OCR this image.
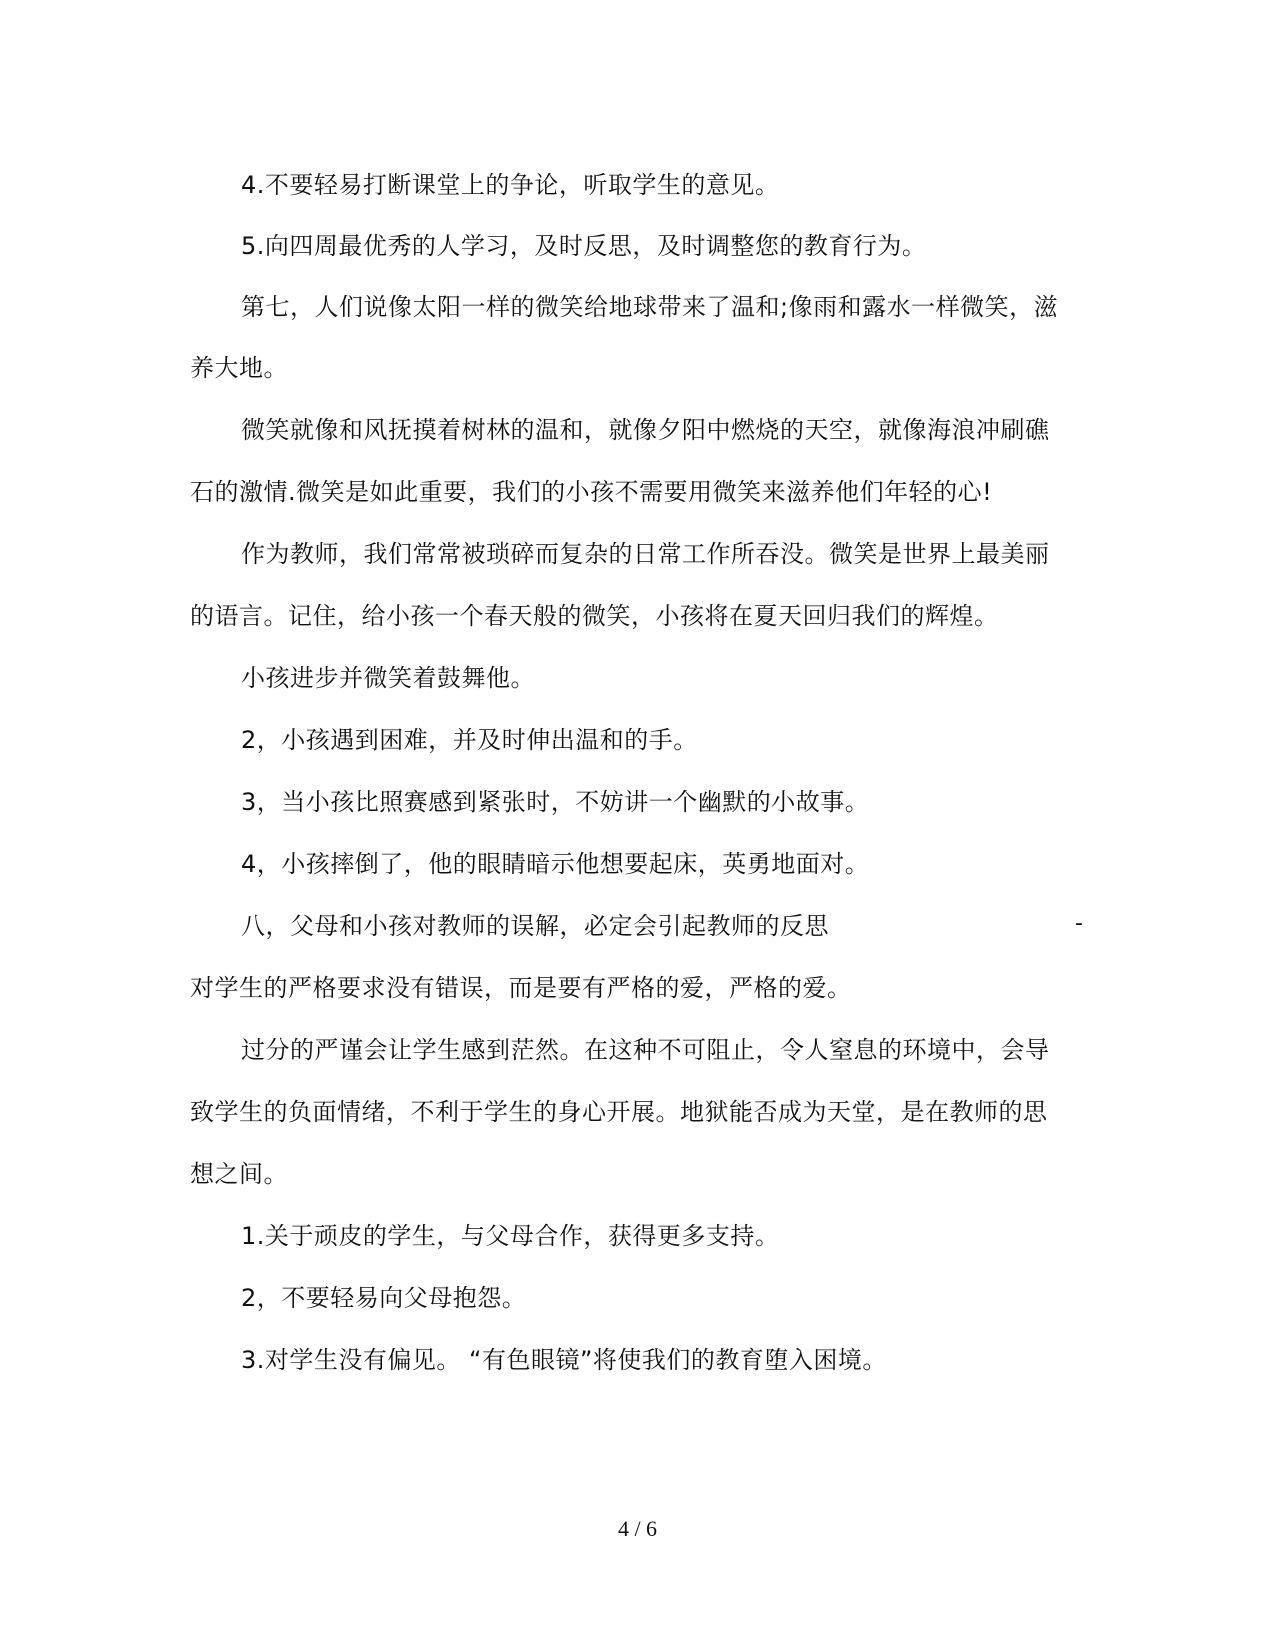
4.不要轻易打断课堂上的争论，听取学生的意见。
5.向四周最优秀的人学习，及时反思，及时调整您的教育行为。
第七，人们说像太阳一样的微笑给地球带来了温和;像雨和露水一样微笑，滋
养大地。
微笑就像和风抚摸着树林的温和，就像夕阳中燃烧的天空，就像海浪冲刷礁
石的激情.微笑是如此重要，我们的小孩不需要用微笑来滋养他们年轻的心!
作为教师，我们常常被琐碎而复杂的日常工作所吞没。微笑是世界上最美丽
的语言。记住，给小孩一个春天般的微笑，小孩将在夏天回归我们的辉煌。
小孩进步并微笑着鼓舞他。
2，小孩遇到困难，并及时伸出温和的手。
3，当小孩比照赛感到紧张时，不妨讲一个幽默的小故事。
4，小孩摔倒了，他的眼睛暗示他想要起床，英勇地面对。
八，父母和小孩对教师的误解，必定会引起教师的反思	-
对学生的严格要求没有错误，而是要有严格的爱，严格的爱。
过分的严谨会让学生感到茫然。在这种不可阻止，令人窒息的环境中，会导
致学生的负面情绪，不利于学生的身心开展。地狱能否成为天堂，是在教师的思
想之间。
1.关于顽皮的学生，与父母合作，获得更多支持。
2，不要轻易向父母抱怨。
3.对学生没有偏见。 “有色眼镜”将使我们的教育堕入困境。
4 / 6
